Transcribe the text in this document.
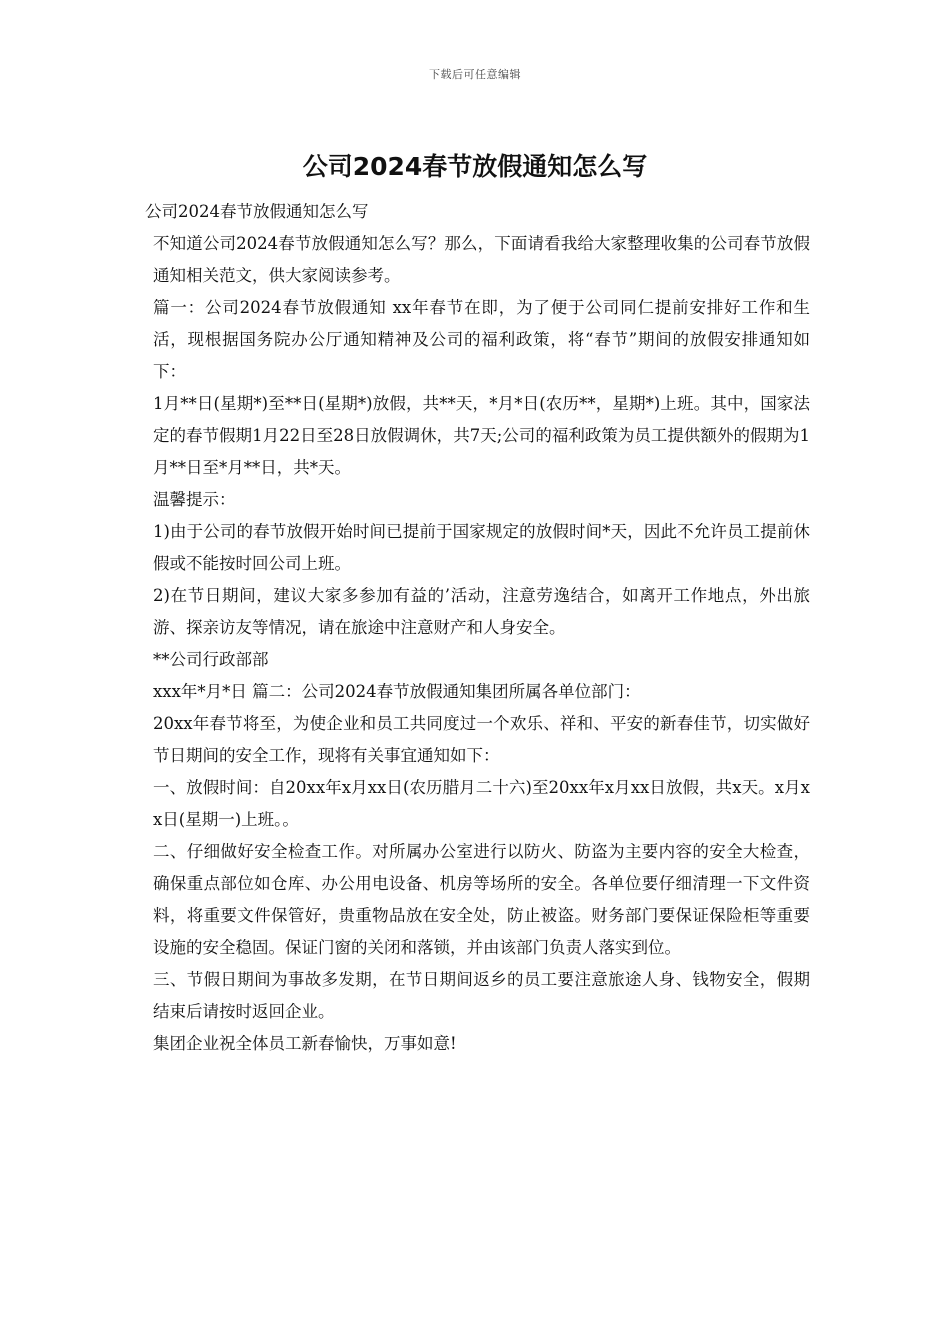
下载后可任意编辑
公司2024春节放假通知怎么写

公司2024春节放假通知怎么写

不知道公司2024春节放假通知怎么写？那么，下面请看我给大家整理收集的公司春节放假通知相关范文，供大家阅读参考。

篇一：公司2024春节放假通知 xx年春节在即，为了便于公司同仁提前安排好工作和生活，现根据国务院办公厅通知精神及公司的福利政策，将“春节”期间的放假安排通知如下：

1月**日(星期*)至**日(星期*)放假，共**天，*月*日(农历**，星期*)上班。其中，国家法定的春节假期1月22日至28日放假调休，共7天;公司的福利政策为员工提供额外的假期为1月**日至*月**日，共*天。

温馨提示：

1)由于公司的春节放假开始时间已提前于国家规定的放假时间*天，因此不允许员工提前休假或不能按时回公司上班。

2)在节日期间，建议大家多参加有益的’活动，注意劳逸结合，如离开工作地点，外出旅游、探亲访友等情况，请在旅途中注意财产和人身安全。

**公司行政部部

xxx年*月*日 篇二：公司2024春节放假通知集团所属各单位部门：

20xx年春节将至，为使企业和员工共同度过一个欢乐、祥和、平安的新春佳节，切实做好节日期间的安全工作，现将有关事宜通知如下：

一、放假时间：自20xx年x月xx日(农历腊月二十六)至20xx年x月xx日放假，共x天。x月xx日(星期一)上班。。

二、仔细做好安全检查工作。对所属办公室进行以防火、防盗为主要内容的安全大检查，确保重点部位如仓库、办公用电设备、机房等场所的安全。各单位要仔细清理一下文件资料，将重要文件保管好，贵重物品放在安全处，防止被盗。财务部门要保证保险柜等重要设施的安全稳固。保证门窗的关闭和落锁，并由该部门负责人落实到位。

三、节假日期间为事故多发期，在节日期间返乡的员工要注意旅途人身、钱物安全，假期结束后请按时返回企业。

集团企业祝全体员工新春愉快，万事如意!
